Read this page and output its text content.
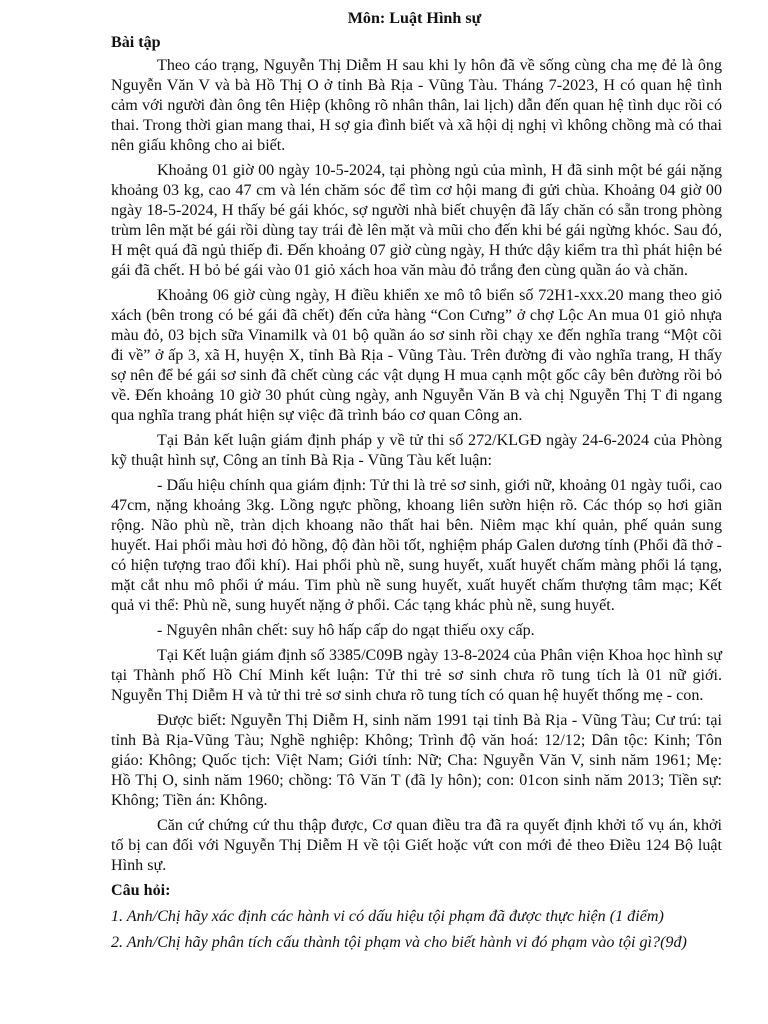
Môn: Luật Hình sự
Bài tập

Theo cáo trạng, Nguyễn Thị Diễm H sau khi ly hôn đã về sống cùng cha mẹ đẻ là ông Nguyễn Văn V và bà Hồ Thị O ở tỉnh Bà Rịa - Vũng Tàu. Tháng 7-2023, H có quan hệ tình cảm với người đàn ông tên Hiệp (không rõ nhân thân, lai lịch) dẫn đến quan hệ tình dục rồi có thai. Trong thời gian mang thai, H sợ gia đình biết và xã hội dị nghị vì không chồng mà có thai nên giấu không cho ai biết.

Khoảng 01 giờ 00 ngày 10-5-2024, tại phòng ngủ của mình, H đã sinh một bé gái nặng khoảng 03 kg, cao 47 cm và lén chăm sóc để tìm cơ hội mang đi gửi chùa. Khoảng 04 giờ 00 ngày 18-5-2024, H thấy bé gái khóc, sợ người nhà biết chuyện đã lấy chăn có sẵn trong phòng trùm lên mặt bé gái rồi dùng tay trái đè lên mặt và mũi cho đến khi bé gái ngừng khóc. Sau đó, H mệt quá đã ngủ thiếp đi. Đến khoảng 07 giờ cùng ngày, H thức dậy kiểm tra thì phát hiện bé gái đã chết. H bỏ bé gái vào 01 giỏ xách hoa văn màu đỏ trắng đen cùng quần áo và chăn.

Khoảng 06 giờ cùng ngày, H điều khiển xe mô tô biển số 72H1-xxx.20 mang theo giỏ xách (bên trong có bé gái đã chết) đến cửa hàng “Con Cưng” ở chợ Lộc An mua 01 giỏ nhựa màu đỏ, 03 bịch sữa Vinamilk và 01 bộ quần áo sơ sinh rồi chạy xe đến nghĩa trang “Một cõi đi về” ở ấp 3, xã H, huyện X, tỉnh Bà Rịa - Vũng Tàu. Trên đường đi vào nghĩa trang, H thấy sợ nên để bé gái sơ sinh đã chết cùng các vật dụng H mua cạnh một gốc cây bên đường rồi bỏ về. Đến khoảng 10 giờ 30 phút cùng ngày, anh Nguyễn Văn B và chị Nguyễn Thị T đi ngang qua nghĩa trang phát hiện sự việc đã trình báo cơ quan Công an.

Tại Bản kết luận giám định pháp y về tử thi số 272/KLGĐ ngày 24-6-2024 của Phòng kỹ thuật hình sự, Công an tỉnh Bà Rịa - Vũng Tàu kết luận:

- Dấu hiệu chính qua giám định: Tử thi là trẻ sơ sinh, giới nữ, khoảng 01 ngày tuổi, cao 47cm, nặng khoảng 3kg. Lồng ngực phồng, khoang liên sườn hiện rõ. Các thóp sọ hơi giãn rộng. Não phù nề, tràn dịch khoang não thất hai bên. Niêm mạc khí quản, phế quản sung huyết. Hai phổi màu hơi đỏ hồng, độ đàn hồi tốt, nghiệm pháp Galen dương tính (Phổi đã thở - có hiện tượng trao đổi khí). Hai phổi phù nề, sung huyết, xuất huyết chấm màng phổi lá tạng, mặt cắt nhu mô phổi ứ máu. Tim phù nề sung huyết, xuất huyết chấm thượng tâm mạc; Kết quả vi thể: Phù nề, sung huyết nặng ở phổi. Các tạng khác phù nề, sung huyết.

- Nguyên nhân chết: suy hô hấp cấp do ngạt thiếu oxy cấp.

Tại Kết luận giám định số 3385/C09B ngày 13-8-2024 của Phân viện Khoa học hình sự tại Thành phố Hồ Chí Minh kết luận: Tử thi trẻ sơ sinh chưa rõ tung tích là 01 nữ giới. Nguyễn Thị Diễm H và tử thi trẻ sơ sinh chưa rõ tung tích có quan hệ huyết thống mẹ - con.

Được biết: Nguyễn Thị Diễm H, sinh năm 1991 tại tỉnh Bà Rịa - Vũng Tàu; Cư trú: tại tỉnh Bà Rịa-Vũng Tàu; Nghề nghiệp: Không; Trình độ văn hoá: 12/12; Dân tộc: Kinh; Tôn giáo: Không; Quốc tịch: Việt Nam; Giới tính: Nữ; Cha: Nguyễn Văn V, sinh năm 1961; Mẹ: Hồ Thị O, sinh năm 1960; chồng: Tô Văn T (đã ly hôn); con: 01con sinh năm 2013; Tiền sự: Không; Tiền án: Không.

Căn cứ chứng cứ thu thập được, Cơ quan điều tra đã ra quyết định khởi tố vụ án, khởi tố bị can đối với Nguyễn Thị Diễm H về tội Giết hoặc vứt con mới đẻ theo Điều 124 Bộ luật Hình sự.

Câu hỏi:

1. Anh/Chị hãy xác định các hành vi có dấu hiệu tội phạm đã được thực hiện (1 điểm)

2. Anh/Chị hãy phân tích cấu thành tội phạm và cho biết hành vi đó phạm vào tội gì?(9đ)
